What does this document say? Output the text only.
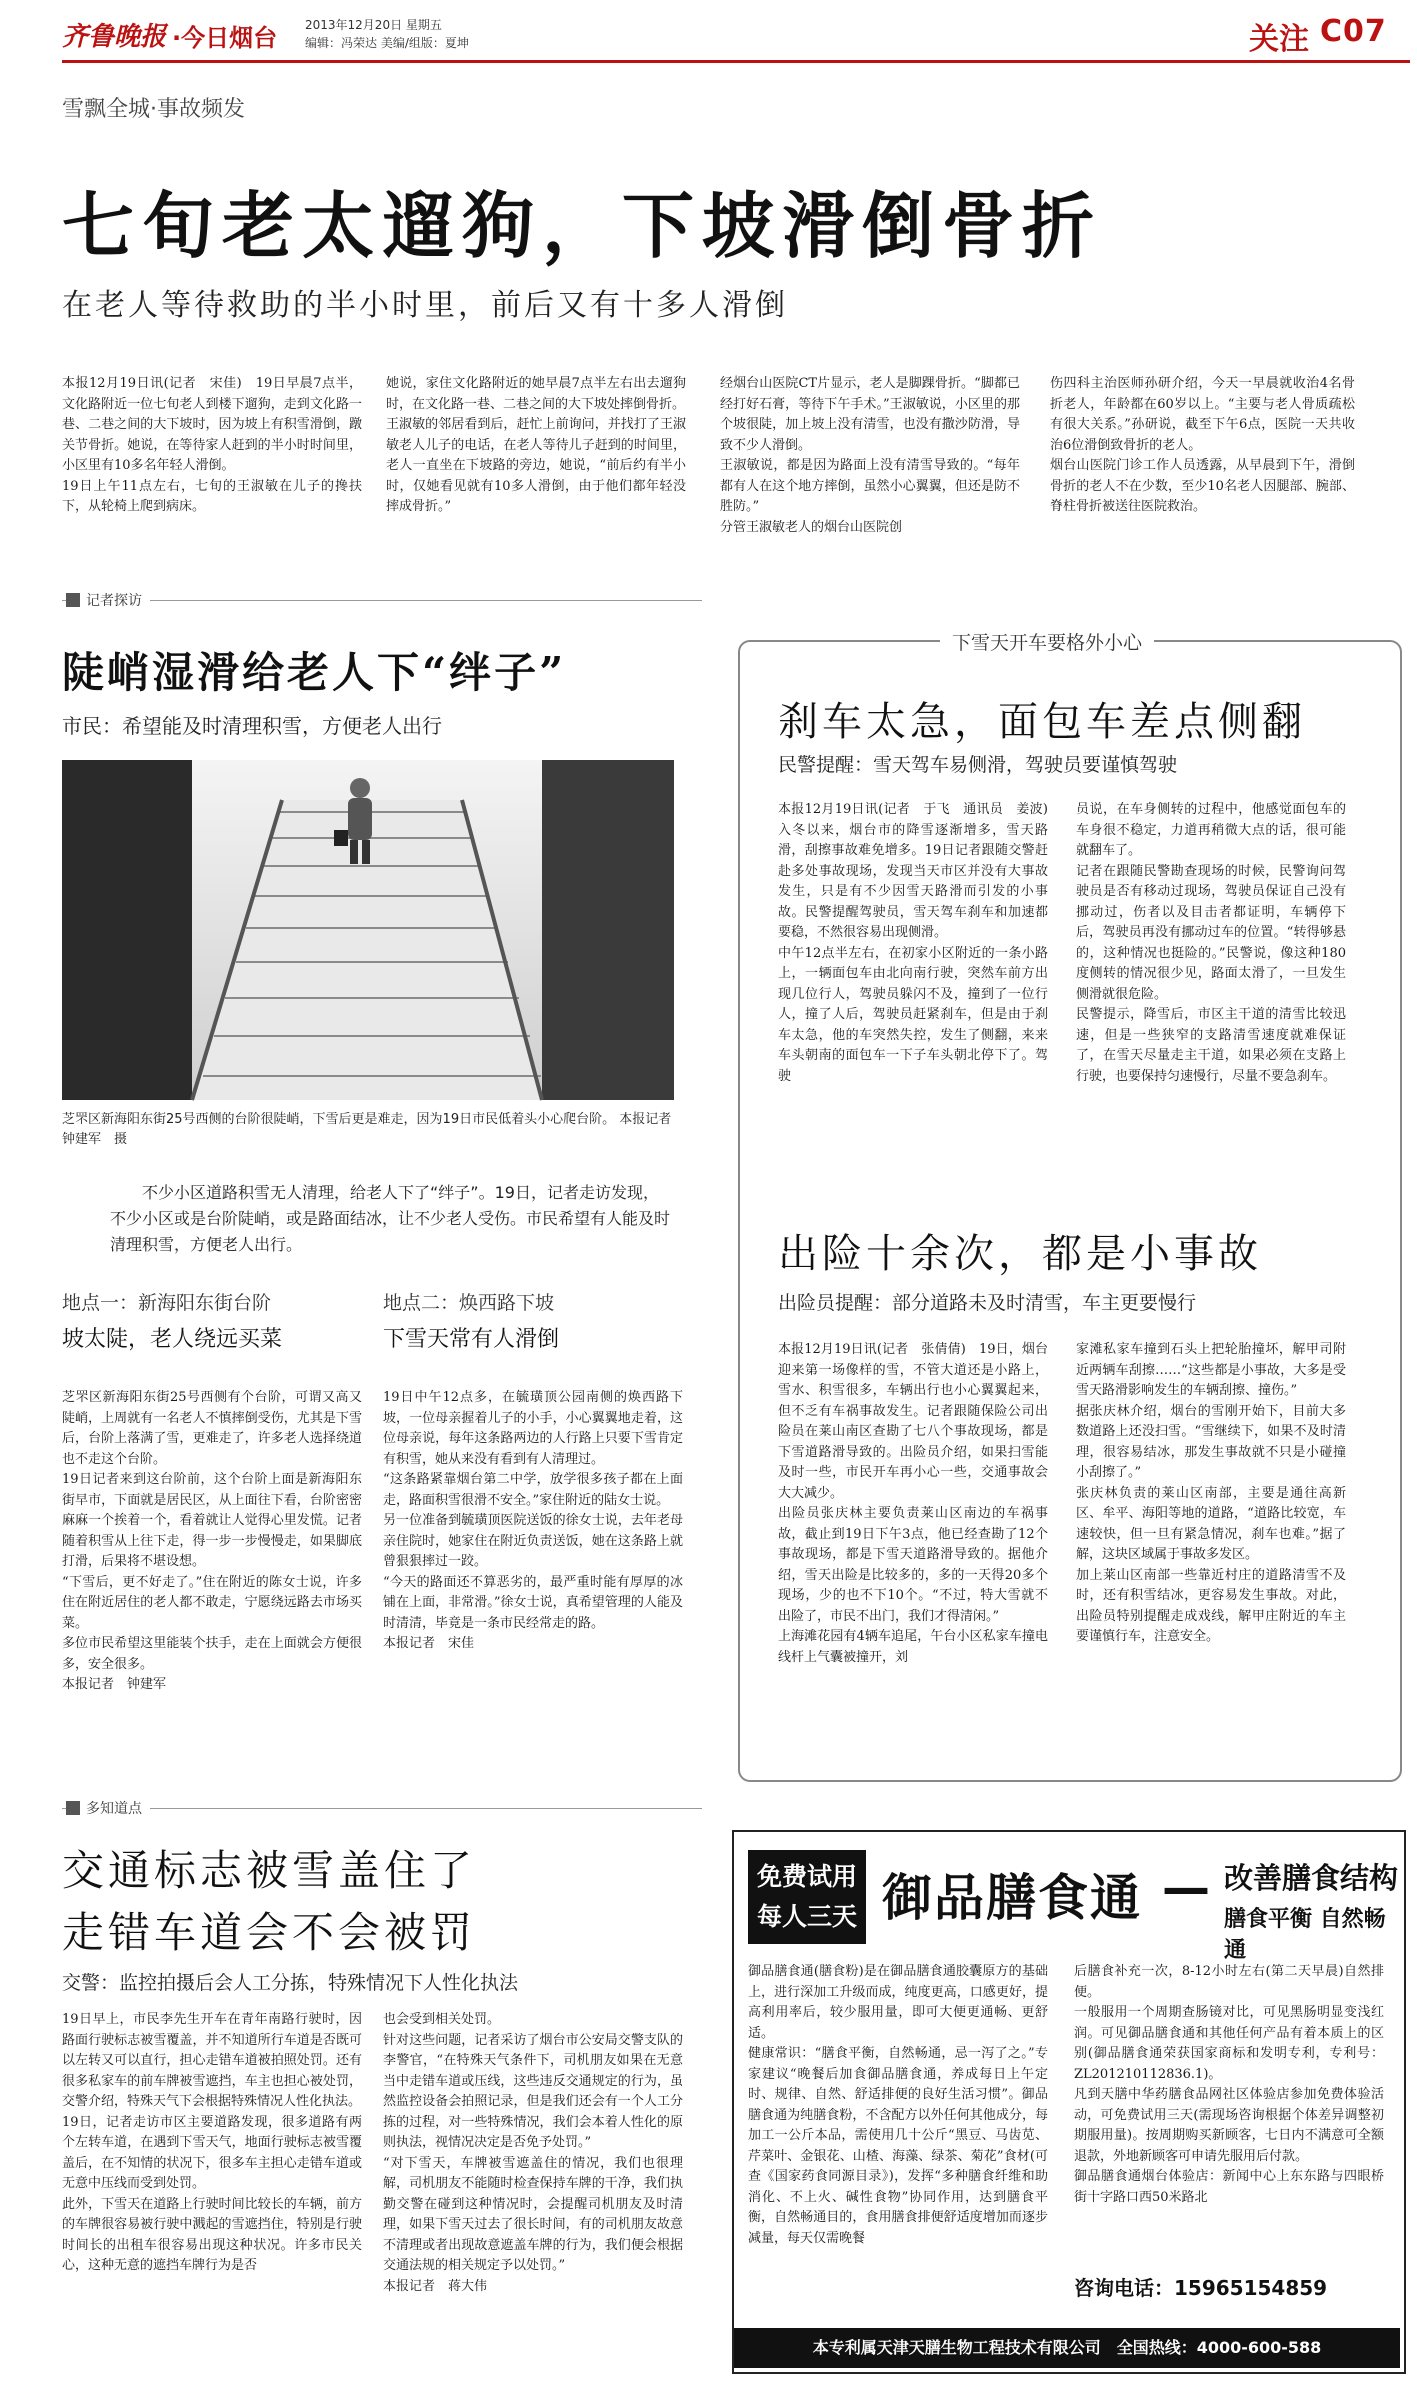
齐鲁晚报 ·今日烟台 2013年12月20日 星期五
编辑：冯荣达 美编/组版：夏坤	关注 C07
雪飘全城·事故频发
七旬老太遛狗，下坡滑倒骨折
在老人等待救助的半小时里，前后又有十多人滑倒
本报12月19日讯(记者　宋佳)　19日早晨7点半，文化路附近一位七旬老人到楼下遛狗，走到文化路一巷、二巷之间的大下坡时，因为坡上有积雪滑倒，蹾关节骨折。她说，在等待家人赶到的半小时时间里，小区里有10多名年轻人滑倒。
19日上午11点左右，七旬的王淑敏在儿子的搀扶下，从轮椅上爬到病床。
她说，家住文化路附近的她早晨7点半左右出去遛狗时，在文化路一巷、二巷之间的大下坡处摔倒骨折。
王淑敏的邻居看到后，赶忙上前询问，并找打了王淑敏老人儿子的电话，在老人等待儿子赶到的时间里，老人一直坐在下坡路的旁边，她说，“前后约有半小时，仅她看见就有10多人滑倒，由于他们都年轻没摔成骨折。”
经烟台山医院CT片显示，老人是脚踝骨折。“脚都已经打好石膏，等待下午手术。”王淑敏说，小区里的那个坡很陡，加上坡上没有清雪，也没有撒沙防滑，导致不少人滑倒。
王淑敏说，都是因为路面上没有清雪导致的。“每年都有人在这个地方摔倒，虽然小心翼翼，但还是防不胜防。”
分管王淑敏老人的烟台山医院创
伤四科主治医师孙研介绍，今天一早晨就收治4名骨折老人，年龄都在60岁以上。“主要与老人骨质疏松有很大关系。”孙研说，截至下午6点，医院一天共收治6位滑倒致骨折的老人。
烟台山医院门诊工作人员透露，从早晨到下午，滑倒骨折的老人不在少数，至少10名老人因腿部、腕部、脊柱骨折被送往医院救治。
记者探访
陡峭湿滑给老人下“绊子”
市民：希望能及时清理积雪，方便老人出行
芝罘区新海阳东街25号西侧的台阶很陡峭，下雪后更是难走，因为19日市民低着头小心爬台阶。 本报记者　钟建军　摄
不少小区道路积雪无人清理，给老人下了“绊子”。19日，记者走访发现，不少小区或是台阶陡峭，或是路面结冰，让不少老人受伤。市民希望有人能及时清理积雪，方便老人出行。
地点一：新海阳东街台阶
坡太陡，老人绕远买菜
地点二：焕西路下坡
下雪天常有人滑倒
芝罘区新海阳东街25号西侧有个台阶，可谓又高又陡峭，上周就有一名老人不慎摔倒受伤，尤其是下雪后，台阶上落满了雪，更难走了，许多老人选择绕道也不走这个台阶。
19日记者来到这台阶前，这个台阶上面是新海阳东街早市，下面就是居民区，从上面往下看，台阶密密麻麻一个挨着一个，看着就让人觉得心里发慌。记者随着积雪从上往下走，得一步一步慢慢走，如果脚底打滑，后果将不堪设想。
“下雪后，更不好走了。”住在附近的陈女士说，许多住在附近居住的老人都不敢走，宁愿绕远路去市场买菜。
多位市民希望这里能装个扶手，走在上面就会方便很多，安全很多。
本报记者　钟建军
19日中午12点多，在毓璜顶公园南侧的焕西路下坡，一位母亲握着儿子的小手，小心翼翼地走着，这位母亲说，每年这条路两边的人行路上只要下雪肯定有积雪，她从来没有看到有人清理过。
“这条路紧靠烟台第二中学，放学很多孩子都在上面走，路面积雪很滑不安全。”家住附近的陆女士说。
另一位准备到毓璜顶医院送饭的徐女士说，去年老母亲住院时，她家住在附近负责送饭，她在这条路上就曾狠狠摔过一跤。
“今天的路面还不算恶劣的，最严重时能有厚厚的冰铺在上面，非常滑。”徐女士说，真希望管理的人能及时清清，毕竟是一条市民经常走的路。
本报记者　宋佳
下雪天开车要格外小心
刹车太急，面包车差点侧翻
民警提醒：雪天驾车易侧滑，驾驶员要谨慎驾驶
本报12月19日讯(记者　于飞　通讯员　姜波)　入冬以来，烟台市的降雪逐渐增多，雪天路滑，刮擦事故难免增多。19日记者跟随交警赶赴多处事故现场，发现当天市区并没有大事故发生，只是有不少因雪天路滑而引发的小事故。民警提醒驾驶员，雪天驾车刹车和加速都要稳，不然很容易出现侧滑。
中午12点半左右，在初家小区附近的一条小路上，一辆面包车由北向南行驶，突然车前方出现几位行人，驾驶员躲闪不及，撞到了一位行人，撞了人后，驾驶员赶紧刹车，但是由于刹车太急，他的车突然失控，发生了侧翻，来来车头朝南的面包车一下子车头朝北停下了。驾驶
员说，在车身侧转的过程中，他感觉面包车的车身很不稳定，力道再稍微大点的话，很可能就翻车了。
记者在跟随民警勘查现场的时候，民警询问驾驶员是否有移动过现场，驾驶员保证自己没有挪动过，伤者以及目击者都证明，车辆停下后，驾驶员再没有挪动过车的位置。“转得够悬的，这种情况也挺险的。”民警说，像这种180度侧转的情况很少见，路面太滑了，一旦发生侧滑就很危险。
民警提示，降雪后，市区主干道的清雪比较迅速，但是一些狭窄的支路清雪速度就难保证了，在雪天尽量走主干道，如果必须在支路上行驶，也要保持匀速慢行，尽量不要急刹车。
出险十余次，都是小事故
出险员提醒：部分道路未及时清雪，车主更要慢行
本报12月19日讯(记者　张倩倩)　19日，烟台迎来第一场像样的雪，不管大道还是小路上，雪水、积雪很多，车辆出行也小心翼翼起来，但不乏有车祸事故发生。记者跟随保险公司出险员在莱山南区查勘了七八个事故现场，都是下雪道路滑导致的。出险员介绍，如果扫雪能及时一些，市民开车再小心一些，交通事故会大大减少。
出险员张庆林主要负责莱山区南边的车祸事故，截止到19日下午3点，他已经查勘了12个事故现场，都是下雪天道路滑导致的。据他介绍，雪天出险是比较多的，多的一天得20多个现场，少的也不下10个。“不过，特大雪就不出险了，市民不出门，我们才得清闲。”
上海滩花园有4辆车追尾，午台小区私家车撞电线杆上气囊被撞开，刘
家滩私家车撞到石头上把轮胎撞坏，解甲司附近两辆车刮擦……“这些都是小事故，大多是受雪天路滑影响发生的车辆刮擦、撞伤。”
据张庆林介绍，烟台的雪刚开始下，目前大多数道路上还没扫雪。“雪继续下，如果不及时清理，很容易结冰，那发生事故就不只是小碰撞小刮擦了。”
张庆林负责的莱山区南部，主要是通往高新区、牟平、海阳等地的道路，“道路比较宽，车速较快，但一旦有紧急情况，刹车也难。”据了解，这块区域属于事故多发区。
加上莱山区南部一些靠近村庄的道路清雪不及时，还有积雪结冰，更容易发生事故。对此，出险员特别提醒走成戏线，解甲庄附近的车主要谨慎行车，注意安全。
多知道点
交通标志被雪盖住了
走错车道会不会被罚
交警：监控拍摄后会人工分拣，特殊情况下人性化执法
19日早上，市民李先生开车在青年南路行驶时，因路面行驶标志被雪覆盖，并不知道所行车道是否既可以左转又可以直行，担心走错车道被拍照处罚。还有很多私家车的前车牌被雪遮挡，车主也担心被处罚，交警介绍，特殊天气下会根据特殊情况人性化执法。
19日，记者走访市区主要道路发现，很多道路有两个左转车道，在遇到下雪天气，地面行驶标志被雪覆盖后，在不知情的状况下，很多车主担心走错车道或无意中压线而受到处罚。
此外，下雪天在道路上行驶时间比较长的车辆，前方的车牌很容易被行驶中溅起的雪遮挡住，特别是行驶时间长的出租车很容易出现这种状况。许多市民关心，这种无意的遮挡车牌行为是否
也会受到相关处罚。
针对这些问题，记者采访了烟台市公安局交警支队的李警官，“在特殊天气条件下，司机朋友如果在无意当中走错车道或压线，这些违反交通规定的行为，虽然监控设备会拍照记录，但是我们还会有一个人工分拣的过程，对一些特殊情况，我们会本着人性化的原则执法，视情况决定是否免予处罚。”
“对下雪天，车牌被雪遮盖住的情况，我们也很理解，司机朋友不能随时检查保持车牌的干净，我们执勤交警在碰到这种情况时，会提醒司机朋友及时清理，如果下雪天过去了很长时间，有的司机朋友故意不清理或者出现故意遮盖车牌的行为，我们便会根据交通法规的相关规定予以处罚。”
本报记者　蒋大伟
免费试用
每人三天 御品膳食通 — 改善膳食结构
膳食平衡 自然畅通
御品膳食通(膳食粉)是在御品膳食通胶囊原方的基础上，进行深加工升级而成，纯度更高，口感更好，提高利用率后，较少服用量，即可大便更通畅、更舒适。
健康常识：“膳食平衡，自然畅通，忌一泻了之。”专家建议“晚餐后加食御品膳食通，养成每日上午定时、规律、自然、舒适排便的良好生活习惯”。御品膳食通为纯膳食粉，不含配方以外任何其他成分，每加工一公斤本品，需使用几十公斤“黑豆、马齿苋、芹菜叶、金银花、山楂、海藻、绿茶、菊花”食材(可查《国家药食同源目录》)，发挥“多种膳食纤维和助消化、不上火、碱性食物”协同作用，达到膳食平衡，自然畅通目的，食用膳食排便舒适度增加而逐步减量，每天仅需晚餐
后膳食补充一次，8-12小时左右(第二天早晨)自然排便。
一般服用一个周期查肠镜对比，可见黑肠明显变浅红润。可见御品膳食通和其他任何产品有着本质上的区别(御品膳食通荣获国家商标和发明专利，专利号：ZL201210112836.1)。
凡到天膳中华药膳食品网社区体验店参加免费体验活动，可免费试用三天(需现场咨询根据个体差异调整初期服用量)。按周期购买新顾客，七日内不满意可全额退款，外地新顾客可申请先服用后付款。
御品膳食通烟台体验店：新闻中心上东东路与四眼桥街十字路口西50米路北
咨询电话：15965154859
本专利属天津天膳生物工程技术有限公司　全国热线：4000-600-588
